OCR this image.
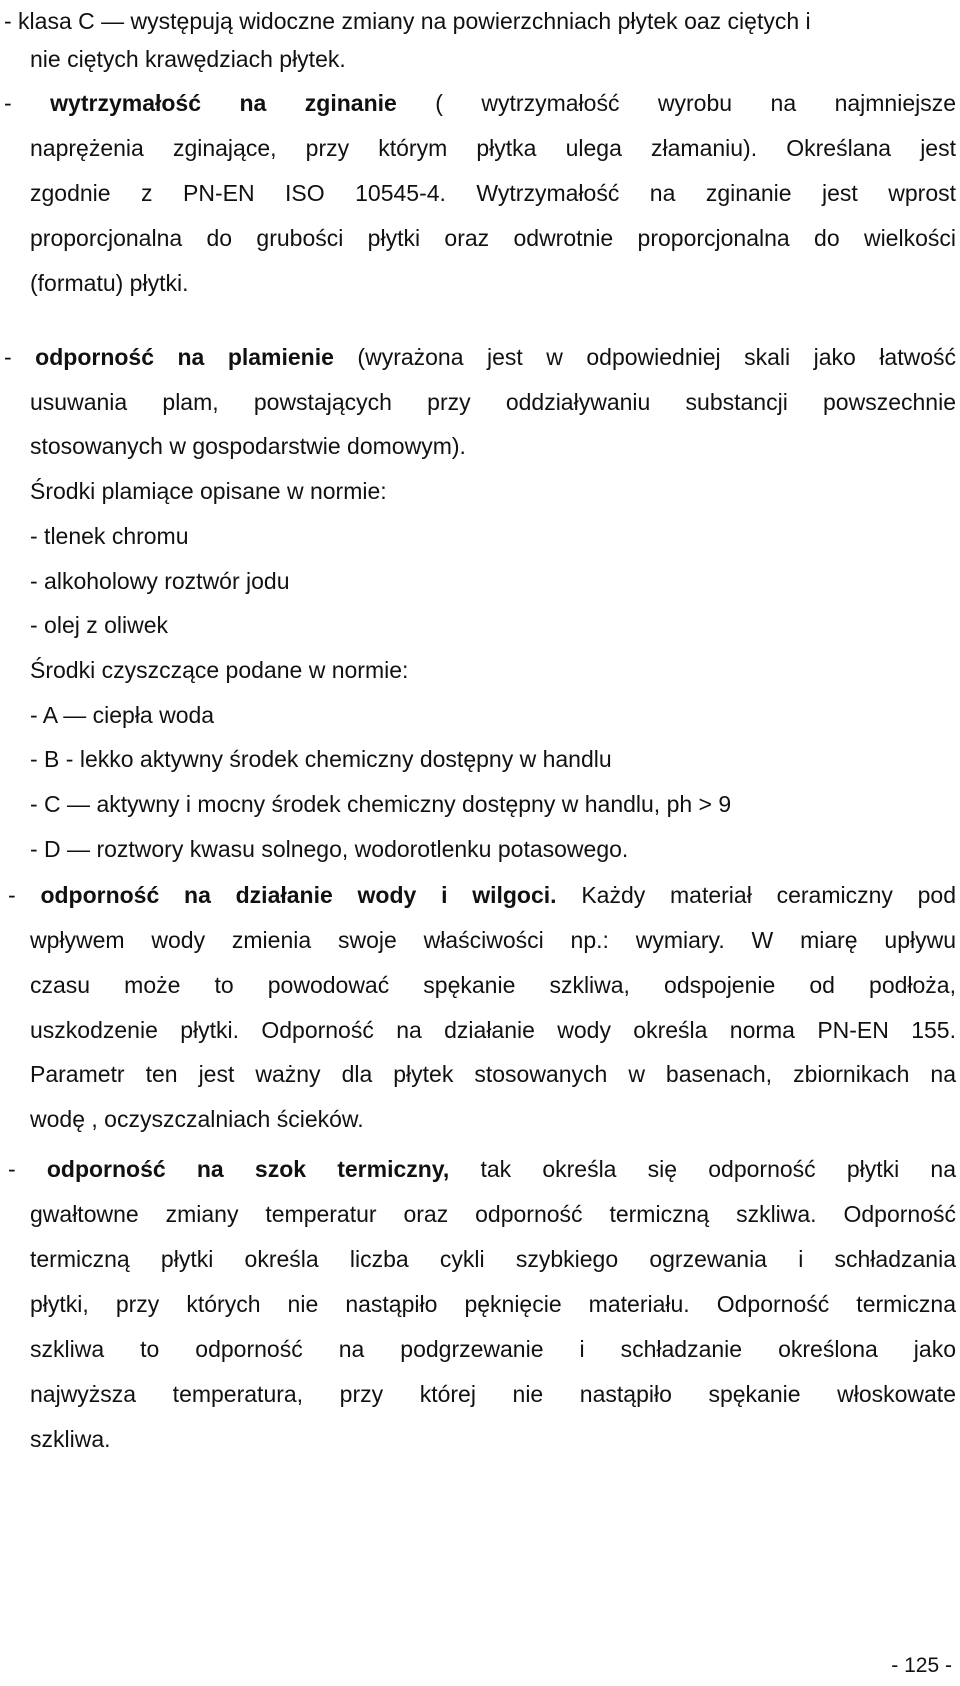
- klasa C — występują widoczne zmiany na powierzchniach płytek oaz ciętych i
nie ciętych krawędziach płytek.
- wytrzymałość na zginanie ( wytrzymałość wyrobu na najmniejsze
naprężenia zginające, przy którym płytka ulega złamaniu). Określana jest
zgodnie z PN-EN ISO 10545-4. Wytrzymałość na zginanie jest wprost
proporcjonalna do grubości płytki oraz odwrotnie proporcjonalna do wielkości
(formatu) płytki.
- odporność na plamienie (wyrażona jest w odpowiedniej skali jako łatwość
usuwania plam, powstających przy oddziaływaniu substancji powszechnie
stosowanych w gospodarstwie domowym).
Środki plamiące opisane w normie:
- tlenek chromu
- alkoholowy roztwór jodu
- olej z oliwek
Środki czyszczące podane w normie:
- A — ciepła woda
- B - lekko aktywny środek chemiczny dostępny w handlu
- C — aktywny i mocny środek chemiczny dostępny w handlu, ph > 9
- D — roztwory kwasu solnego, wodorotlenku potasowego.
- odporność na działanie wody i wilgoci. Każdy materiał ceramiczny pod
wpływem wody zmienia swoje właściwości np.: wymiary. W miarę upływu
czasu może to powodować spękanie szkliwa, odspojenie od podłoża,
uszkodzenie płytki. Odporność na działanie wody określa norma PN-EN 155.
Parametr ten jest ważny dla płytek stosowanych w basenach, zbiornikach na
wodę , oczyszczalniach ścieków.
- odporność na szok termiczny, tak określa się odporność płytki na
gwałtowne zmiany temperatur oraz odporność termiczną szkliwa. Odporność
termiczną płytki określa liczba cykli szybkiego ogrzewania i schładzania
płytki, przy których nie nastąpiło pęknięcie materiału. Odporność termiczna
szkliwa to odporność na podgrzewanie i schładzanie określona jako
najwyższa temperatura, przy której nie nastąpiło spękanie włoskowate
szkliwa.
- 125 -
